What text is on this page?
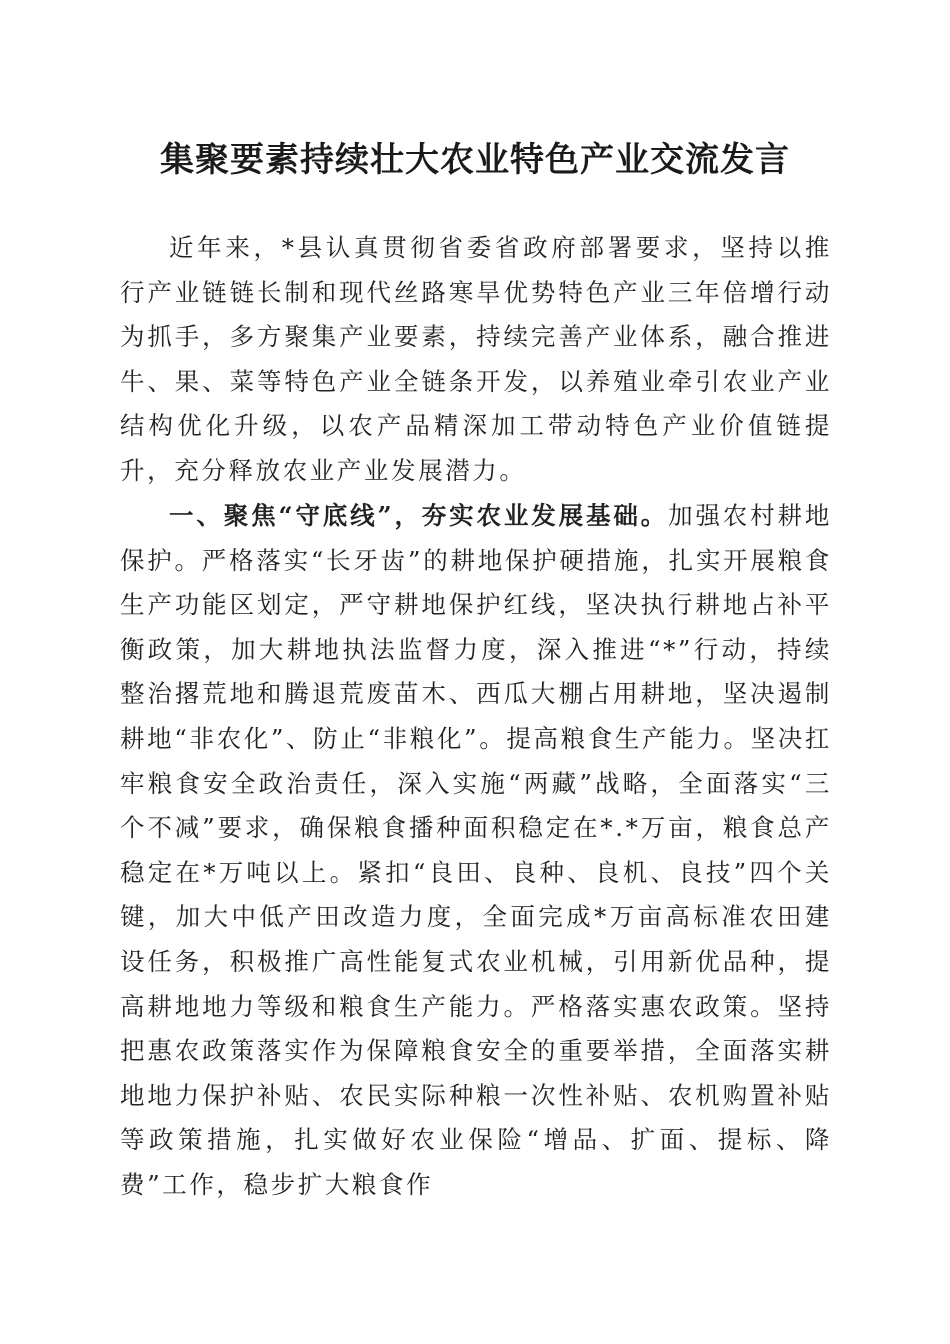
集聚要素持续壮大农业特色产业交流发言

近年来，*县认真贯彻省委省政府部署要求，坚持以推行产业链链长制和现代丝路寒旱优势特色产业三年倍增行动为抓手，多方聚集产业要素，持续完善产业体系，融合推进牛、果、菜等特色产业全链条开发，以养殖业牵引农业产业结构优化升级，以农产品精深加工带动特色产业价值链提升，充分释放农业产业发展潜力。

一、聚焦“守底线”，夯实农业发展基础。加强农村耕地保护。严格落实“长牙齿”的耕地保护硬措施，扎实开展粮食生产功能区划定，严守耕地保护红线，坚决执行耕地占补平衡政策，加大耕地执法监督力度，深入推进“*”行动，持续整治撂荒地和腾退荒废苗木、西瓜大棚占用耕地，坚决遏制耕地“非农化”、防止“非粮化”。提高粮食生产能力。坚决扛牢粮食安全政治责任，深入实施“两藏”战略，全面落实“三个不减”要求，确保粮食播种面积稳定在*.*万亩，粮食总产稳定在*万吨以上。紧扣“良田、良种、良机、良技”四个关键，加大中低产田改造力度，全面完成*万亩高标准农田建设任务，积极推广高性能复式农业机械，引用新优品种，提高耕地地力等级和粮食生产能力。严格落实惠农政策。坚持把惠农政策落实作为保障粮食安全的重要举措，全面落实耕地地力保护补贴、农民实际种粮一次性补贴、农机购置补贴等政策措施，扎实做好农业保险“增品、扩面、提标、降费”工作，稳步扩大粮食作
